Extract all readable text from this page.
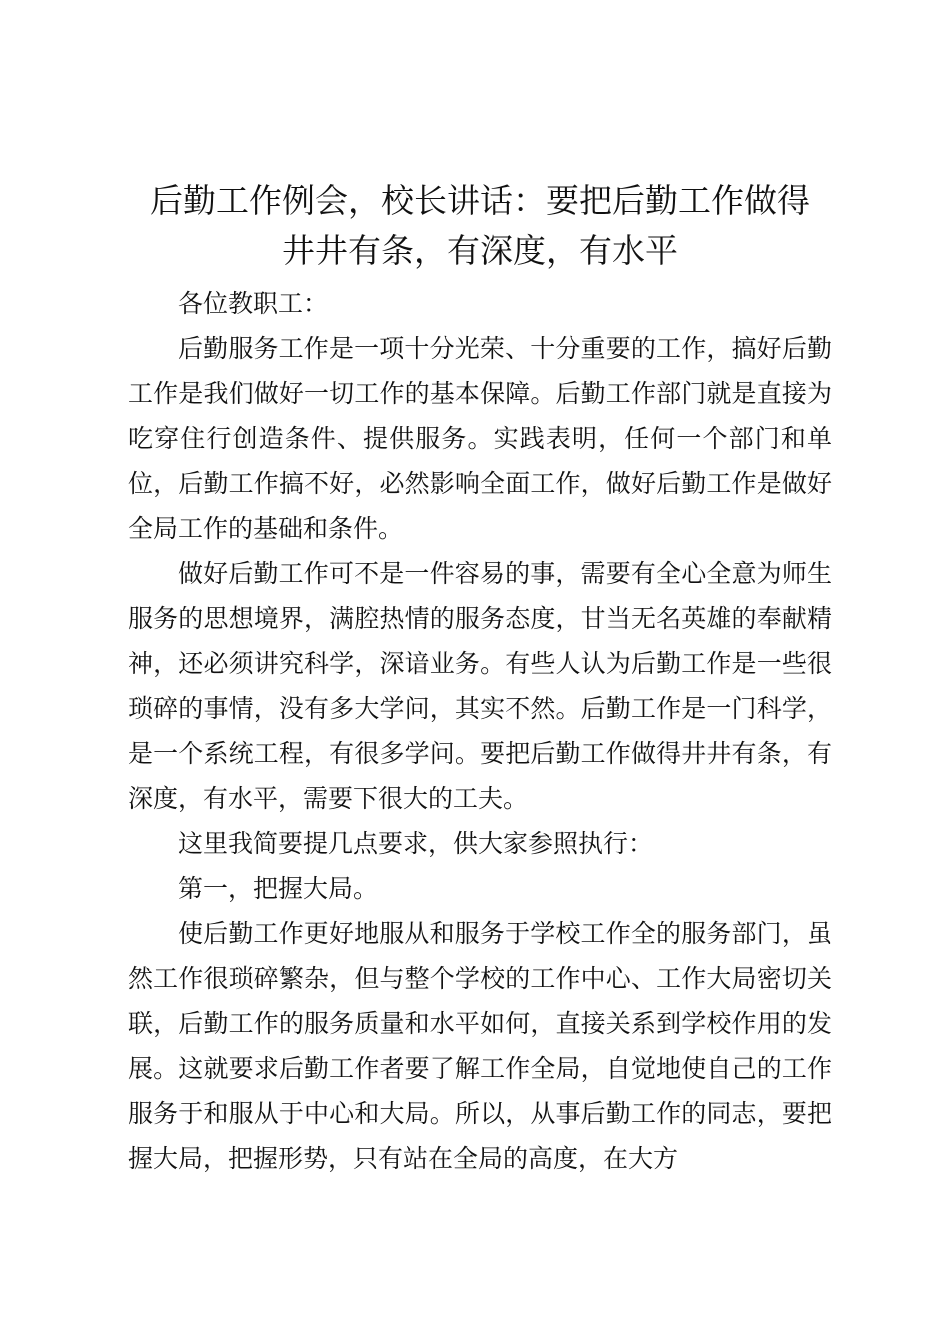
后勤工作例会，校长讲话：要把后勤工作做得
井井有条，有深度，有水平

各位教职工：

后勤服务工作是一项十分光荣、十分重要的工作，搞好后勤工作是我们做好一切工作的基本保障。后勤工作部门就是直接为吃穿住行创造条件、提供服务。实践表明，任何一个部门和单位，后勤工作搞不好，必然影响全面工作，做好后勤工作是做好全局工作的基础和条件。

做好后勤工作可不是一件容易的事，需要有全心全意为师生服务的思想境界，满腔热情的服务态度，甘当无名英雄的奉献精神，还必须讲究科学，深谙业务。有些人认为后勤工作是一些很琐碎的事情，没有多大学问，其实不然。后勤工作是一门科学，是一个系统工程，有很多学问。要把后勤工作做得井井有条，有深度，有水平，需要下很大的工夫。

这里我简要提几点要求，供大家参照执行：

第一，把握大局。

使后勤工作更好地服从和服务于学校工作全的服务部门，虽然工作很琐碎繁杂，但与整个学校的工作中心、工作大局密切关联，后勤工作的服务质量和水平如何，直接关系到学校作用的发展。这就要求后勤工作者要了解工作全局，自觉地使自己的工作服务于和服从于中心和大局。所以，从事后勤工作的同志，要把握大局，把握形势，只有站在全局的高度，在大方
